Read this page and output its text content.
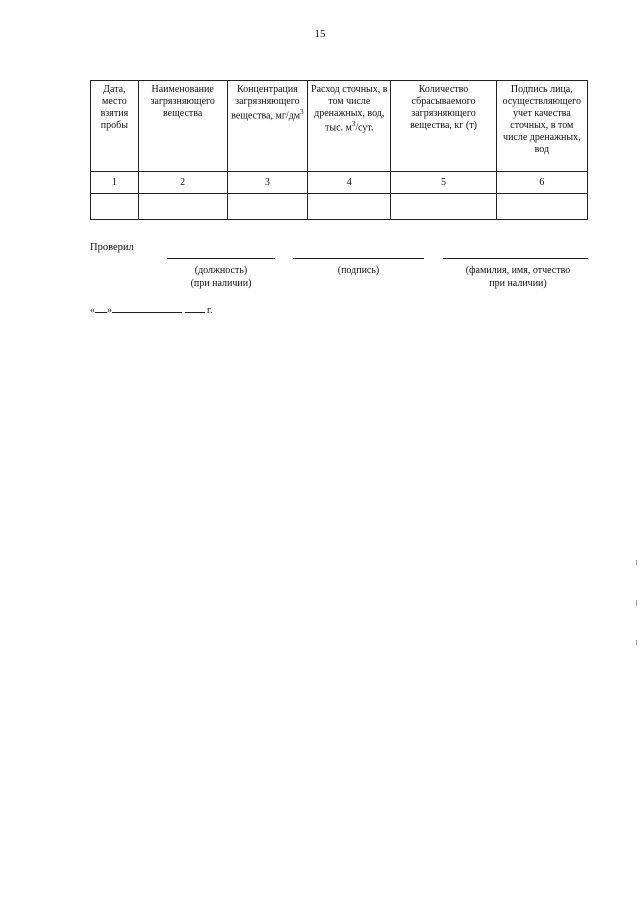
15
Дата, место взятия пробы	Наименование загрязняющего вещества	Концентрация загрязняющего вещества, $мг/дм^3$	Расход сточных, в том числе дренажных, вод, тыс. $м^3$/сут.	Количество сбрасываемого загрязняющего вещества, кг (т)	Подпись лица, осуществляющего учет качества сточных, в том числе дренажных, вод
1	2	3	4	5	6

Проверил
(должность)
(при наличии)
(подпись)	(фамилия, имя, отчество
при наличии)
« »	г.
